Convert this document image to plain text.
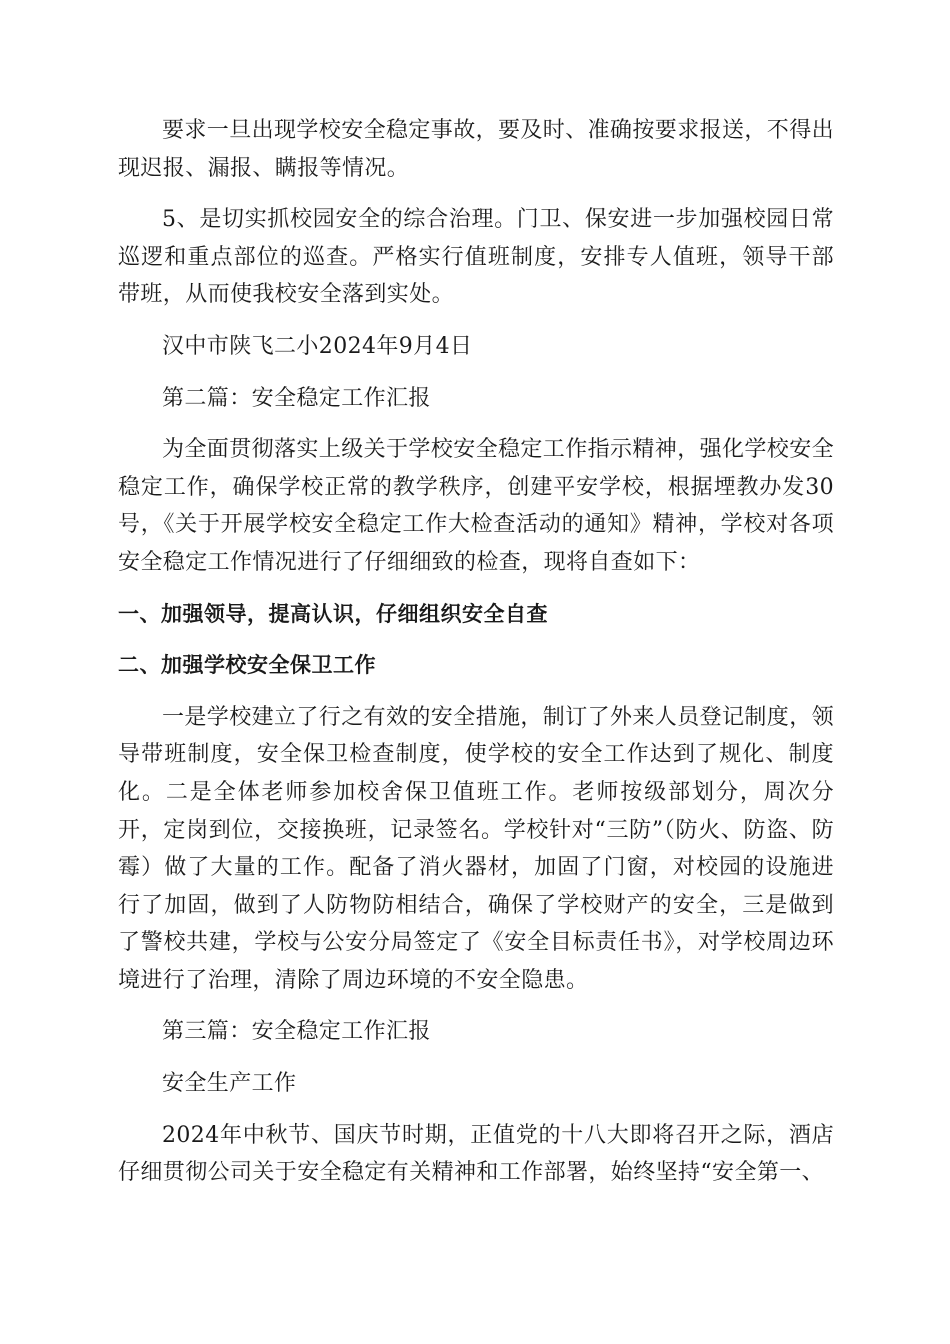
要求一旦出现学校安全稳定事故，要及时、准确按要求报送，不得出现迟报、漏报、瞒报等情况。

5、是切实抓校园安全的综合治理。门卫、保安进一步加强校园日常巡逻和重点部位的巡查。严格实行值班制度，安排专人值班，领导干部带班，从而使我校安全落到实处。

汉中市陕飞二小2024年9月4日

第二篇：安全稳定工作汇报

为全面贯彻落实上级关于学校安全稳定工作指示精神，强化学校安全稳定工作，确保学校正常的教学秩序，创建平安学校，根据堙教办发30号，《关于开展学校安全稳定工作大检查活动的通知》精神，学校对各项安全稳定工作情况进行了仔细细致的检查，现将自查如下：

一、加强领导，提高认识，仔细组织安全自查

二、加强学校安全保卫工作

一是学校建立了行之有效的安全措施，制订了外来人员登记制度，领导带班制度，安全保卫检查制度，使学校的安全工作达到了规化、制度化。二是全体老师参加校舍保卫值班工作。老师按级部划分，周次分开，定岗到位，交接换班，记录签名。学校针对“三防”（防火、防盗、防霉）做了大量的工作。配备了消火器材，加固了门窗，对校园的设施进行了加固，做到了人防物防相结合，确保了学校财产的安全，三是做到了警校共建，学校与公安分局签定了《安全目标责任书》，对学校周边环境进行了治理，清除了周边环境的不安全隐患。

第三篇：安全稳定工作汇报

安全生产工作

2024年中秋节、国庆节时期，正值党的十八大即将召开之际，酒店仔细贯彻公司关于安全稳定有关精神和工作部署，始终坚持“安全第一、
